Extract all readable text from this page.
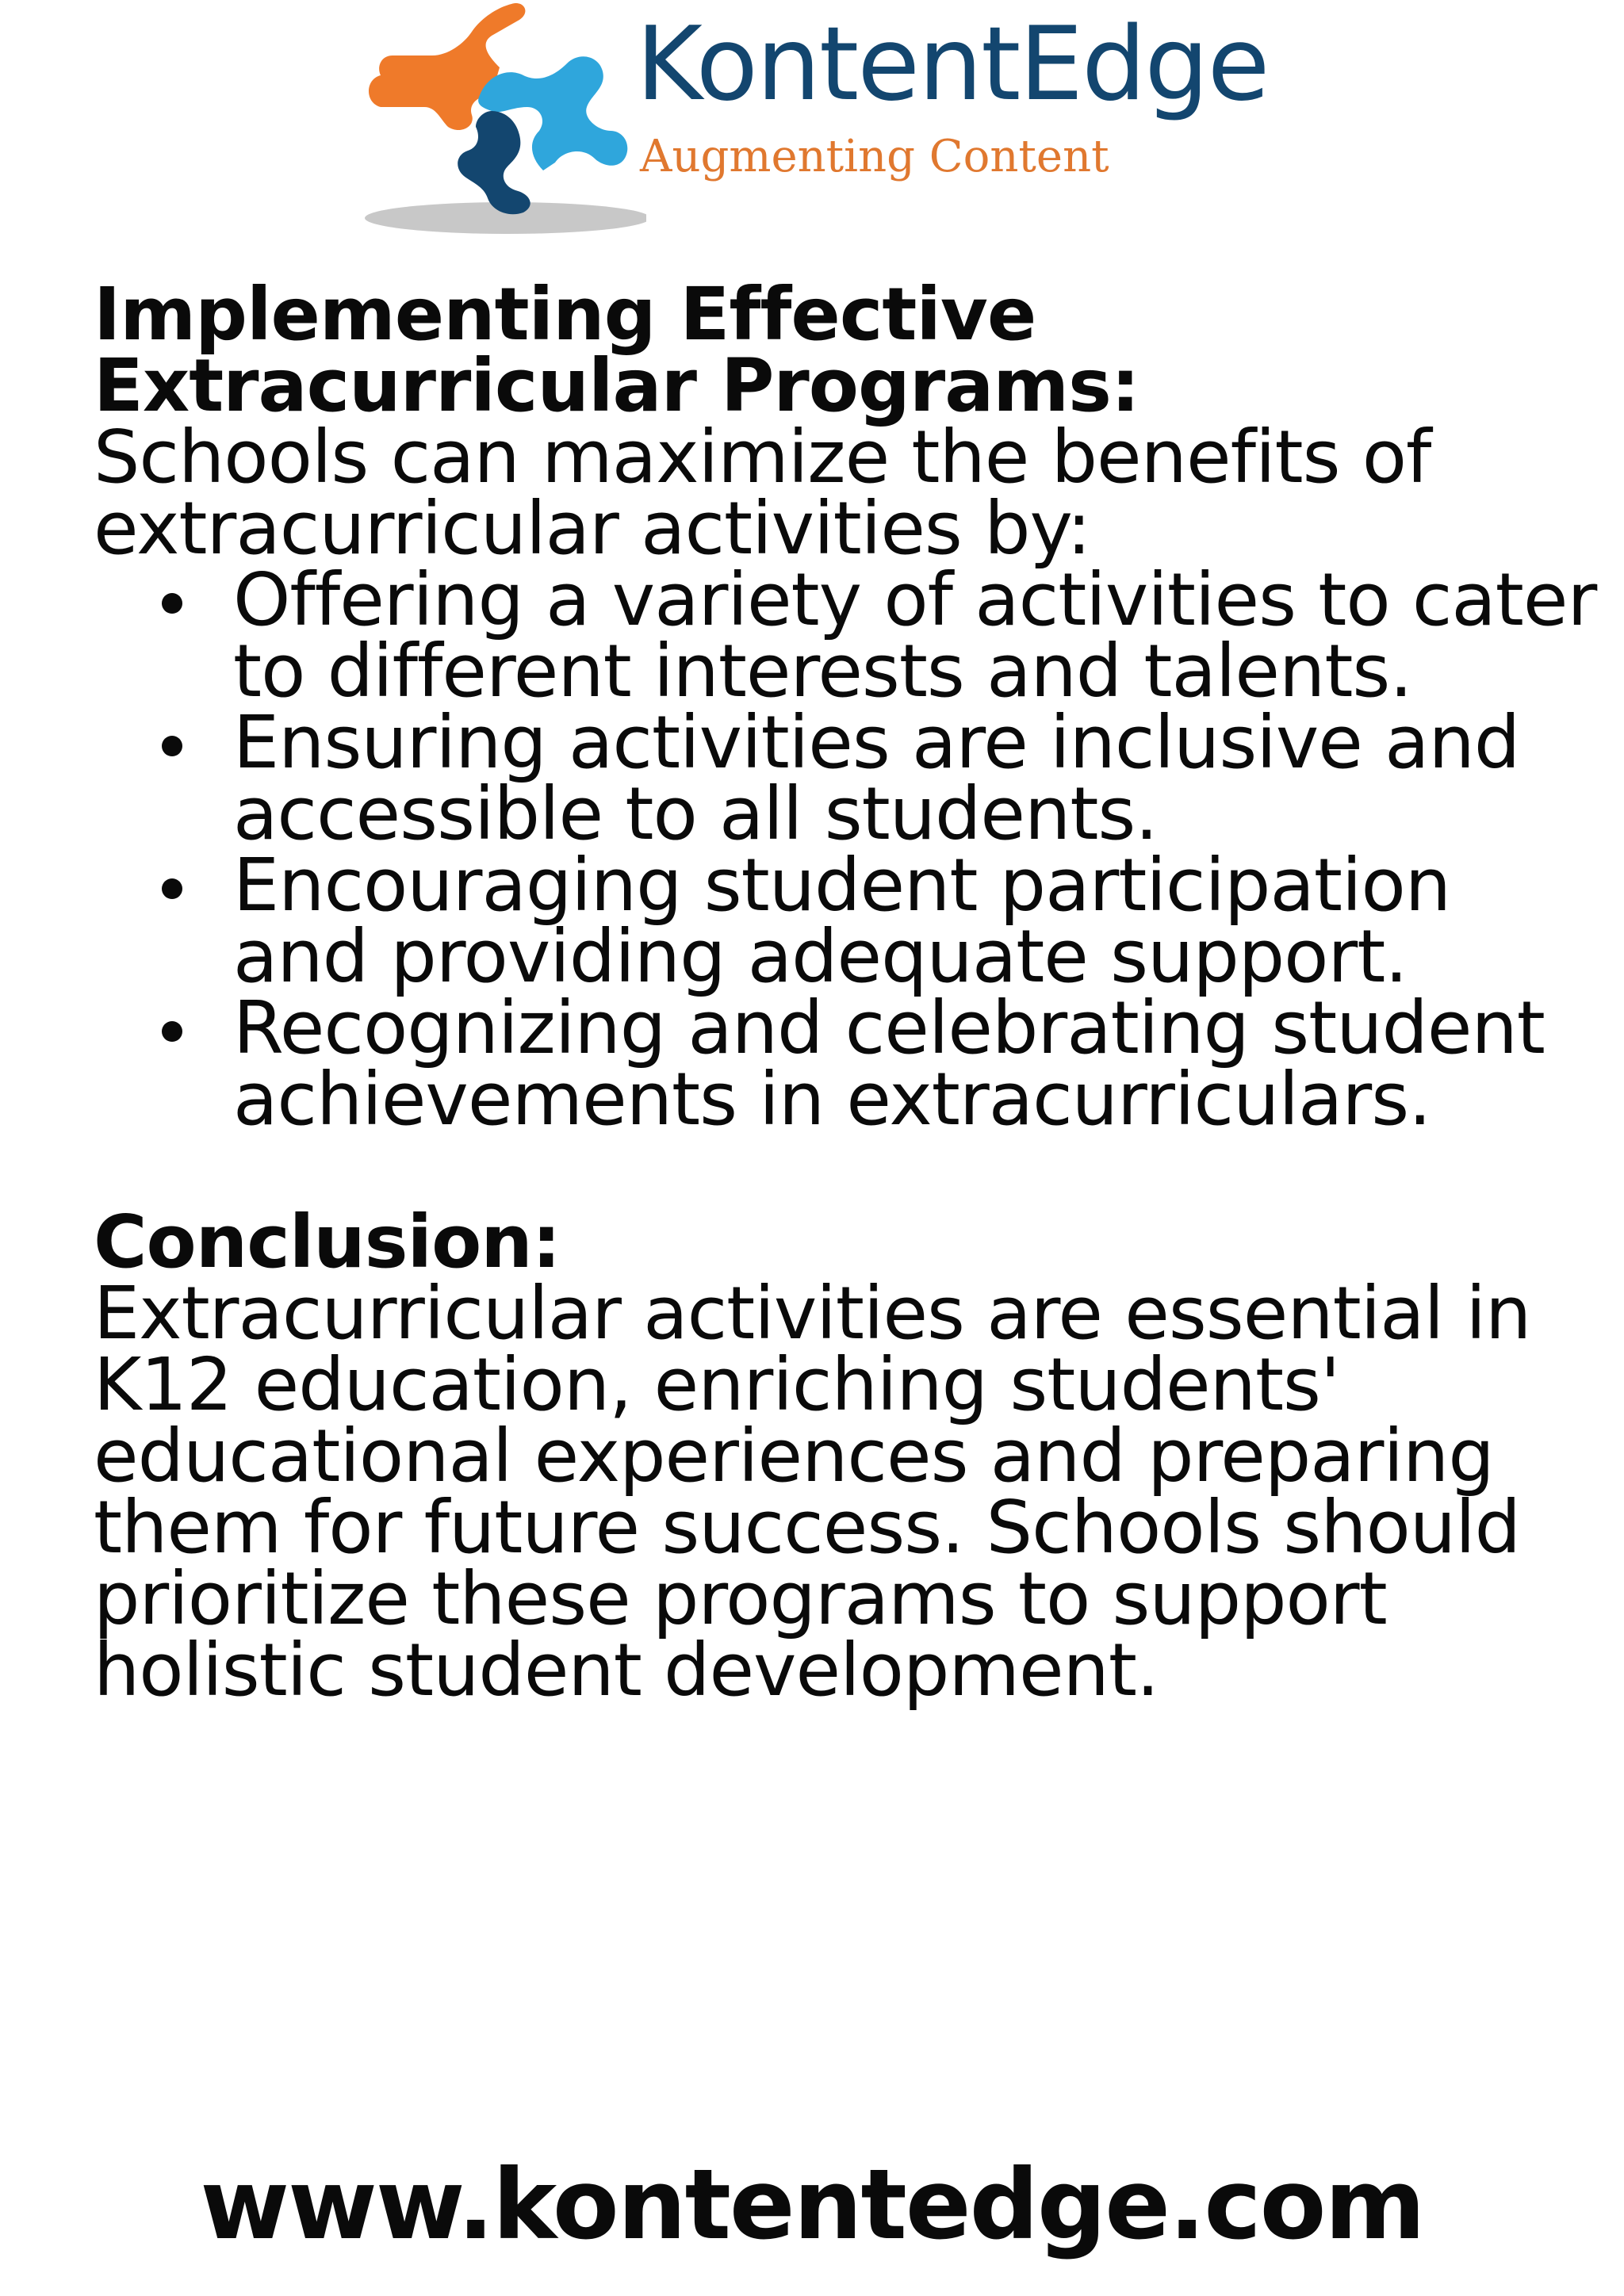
KontentEdge
Augmenting Content
Implementing Effective Extracurricular Programs:

Schools can maximize the benefits of extracurricular activities by:

Offering a variety of activities to cater to different interests and talents.
Ensuring activities are inclusive and accessible to all students.
Encouraging student participation and providing adequate support.
Recognizing and celebrating student achievements in extracurriculars.
Conclusion:

Extracurricular activities are essential in K12 education, enriching students' educational experiences and preparing them for future success. Schools should prioritize these programs to support holistic student development.

www.kontentedge.com
